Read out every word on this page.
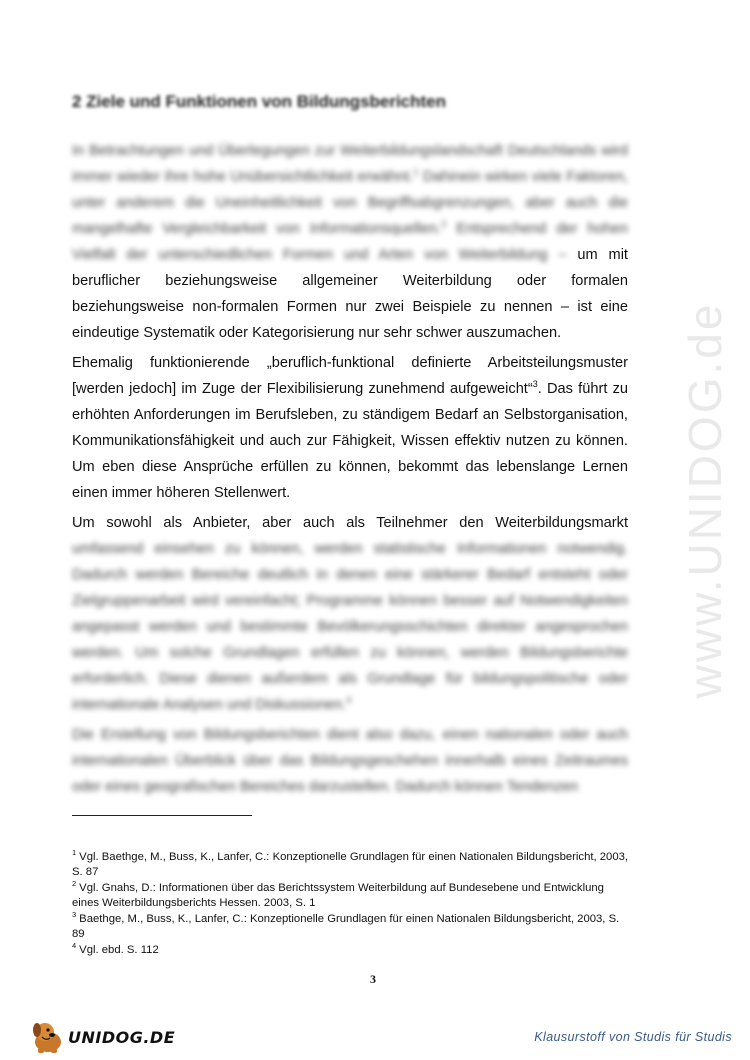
www.UNIDOG.de
2 Ziele und Funktionen von Bildungsberichten
In Betrachtungen und Überlegungen zur Weiterbildungslandschaft Deutschlands wird immer wieder ihre hohe Unübersichtlichkeit erwähnt.$^1$ Dahinein wirken viele Faktoren, unter anderem die Uneinheitlichkeit von Begriffsabgrenzungen, aber auch die mangelhafte Vergleichbarkeit von Informationsquellen.$^2$ Entsprechend der hohen Vielfalt der unterschiedlichen Formen und Arten von Weiterbildung – um mit beruflicher beziehungsweise allgemeiner Weiterbildung oder formalen beziehungsweise non-formalen Formen nur zwei Beispiele zu nennen – ist eine eindeutige Systematik oder Kategorisierung nur sehr schwer auszumachen.
Ehemalig funktionierende „beruflich-funktional definierte Arbeitsteilungsmuster [werden jedoch] im Zuge der Flexibilisierung zunehmend aufgeweicht“$^3$. Das führt zu erhöhten Anforderungen im Berufsleben, zu ständigem Bedarf an Selbstorganisation, Kommunikationsfähigkeit und auch zur Fähigkeit, Wissen effektiv nutzen zu können. Um eben diese Ansprüche erfüllen zu können, bekommt das lebenslange Lernen einen immer höheren Stellenwert.
Um sowohl als Anbieter, aber auch als Teilnehmer den Weiterbildungsmarkt umfassend einsehen zu können, werden statistische Informationen notwendig. Dadurch werden Bereiche deutlich in denen eine stärkerer Bedarf entsteht oder Zielgruppenarbeit wird vereinfacht; Programme können besser auf Notwendigkeiten angepasst werden und bestimmte Bevölkerungsschichten direkter angesprochen werden. Um solche Grundlagen erfüllen zu können, werden Bildungsberichte erforderlich. Diese dienen außerdem als Grundlage für bildungspolitische oder internationale Analysen und Diskussionen.$^4$
Die Erstellung von Bildungsberichten dient also dazu, einen nationalen oder auch internationalen Überblick über das Bildungsgeschehen innerhalb eines Zeitraumes oder eines geografischen Bereiches darzustellen. Dadurch können Tendenzen
$^1$ Vgl. Baethge, M., Buss, K., Lanfer, C.: Konzeptionelle Grundlagen für einen Nationalen Bildungsbericht, 2003, S. 87
$^2$ Vgl. Gnahs, D.: Informationen über das Berichtssystem Weiterbildung auf Bundesebene und Entwicklung eines Weiterbildungsberichts Hessen. 2003, S. 1
$^3$ Baethge, M., Buss, K., Lanfer, C.: Konzeptionelle Grundlagen für einen Nationalen Bildungsbericht, 2003, S. 89
$^4$ Vgl. ebd. S. 112
3
UNIDOG.DE	Klausurstoff von Studis für Studis
